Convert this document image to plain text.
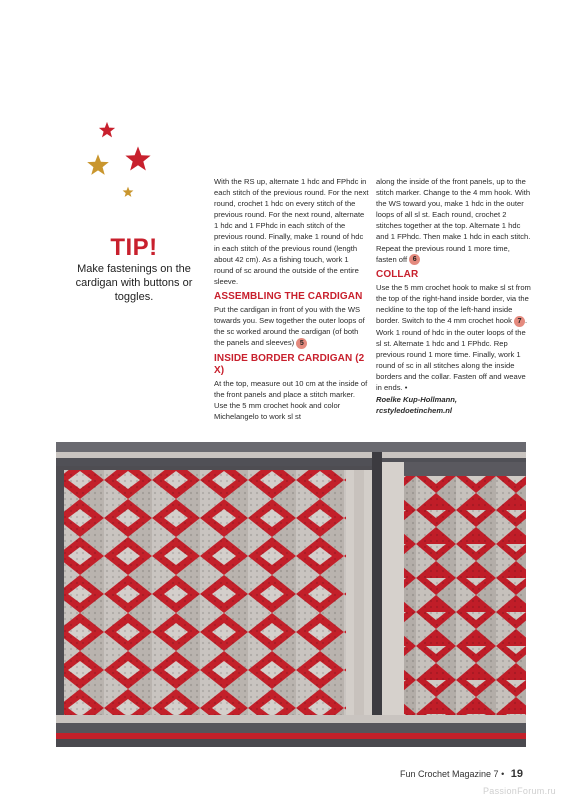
TIP!
Make fastenings on the cardigan with buttons or toggles.

With the RS up, alternate 1 hdc and FPhdc in each stitch of the previous round. For the next round, crochet 1 hdc on every stitch of the previous round. For the next round, alternate 1 hdc and 1 FPhdc in each stitch of the previous round. Finally, make 1 round of hdc in each stitch of the previous round (length about 42 cm). As a fishing touch, work 1 round of sc around the outside of the entire sleeve.

ASSEMBLING THE CARDIGAN

Put the cardigan in front of you with the WS towards you. Sew together the outer loops of the sc worked around the cardigan (of both the panels and sleeves) 5

INSIDE BORDER CARDIGAN (2 X)

At the top, measure out 10 cm at the inside of the front panels and place a stitch marker. Use the 5 mm crochet hook and color Michelangelo to work sl st

along the inside of the front panels, up to the stitch marker. Change to the 4 mm hook. With the WS toward you, make 1 hdc in the outer loops of all sl st. Each round, crochet 2 stitches together at the top. Alternate 1 hdc and 1 FPhdc. Then make 1 hdc in each stitch. Repeat the previous round 1 more time, fasten off 6

COLLAR

Use the 5 mm crochet hook to make sl st from the top of the right-hand inside border, via the neckline to the top of the left-hand inside border. Switch to the 4 mm crochet hook 7 . Work 1 round of hdc in the outer loops of the sl st. Alternate 1 hdc and 1 FPhdc. Rep previous round 1 more time. Finally, work 1 round of sc in all stitches along the inside borders and the collar. Fasten off and weave in ends. •
Roelke Kup-Hollmann,
rcstyledoetinchem.nl

Fun Crochet Magazine 7 • 19
PassionForum.ru
